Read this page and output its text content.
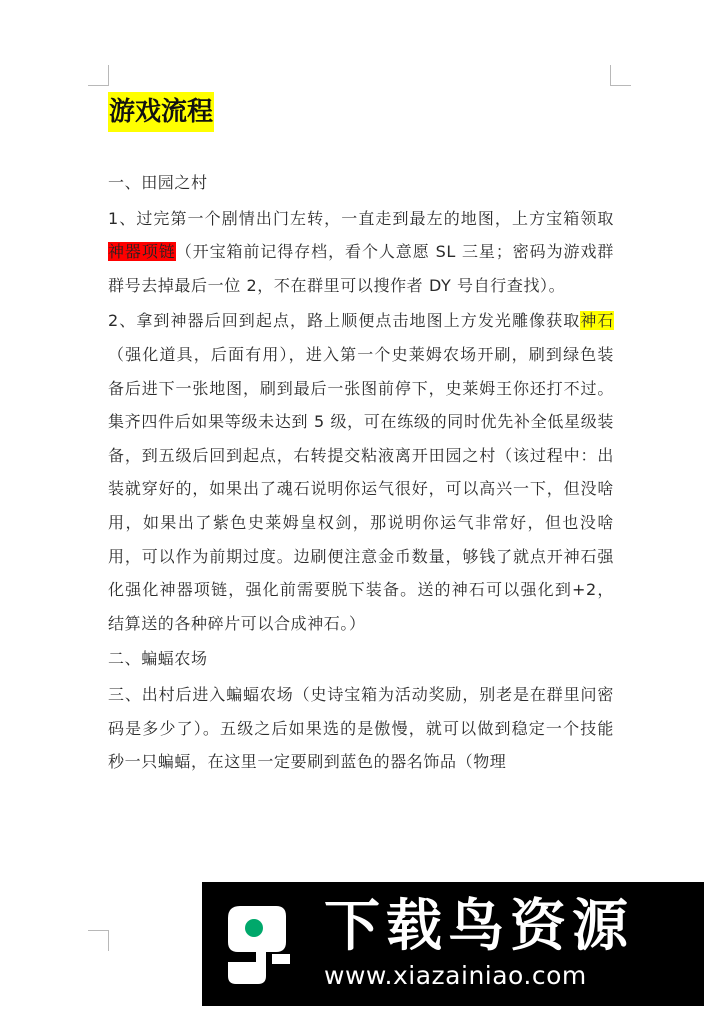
游戏流程

一、田园之村

1、过完第一个剧情出门左转，一直走到最左的地图，上方宝箱领取神器项链（开宝箱前记得存档，看个人意愿 SL 三星；密码为游戏群群号去掉最后一位 2，不在群里可以搜作者 DY 号自行查找）。

2、拿到神器后回到起点，路上顺便点击地图上方发光雕像获取神石（强化道具，后面有用），进入第一个史莱姆农场开刷，刷到绿色装备后进下一张地图，刷到最后一张图前停下，史莱姆王你还打不过。集齐四件后如果等级未达到 5 级，可在练级的同时优先补全低星级装备，到五级后回到起点，右转提交粘液离开田园之村（该过程中：出装就穿好的，如果出了魂石说明你运气很好，可以高兴一下，但没啥用，如果出了紫色史莱姆皇权剑，那说明你运气非常好，但也没啥用，可以作为前期过度。边刷便注意金币数量，够钱了就点开神石强化强化神器项链，强化前需要脱下装备。送的神石可以强化到+2，结算送的各种碎片可以合成神石。）

二、蝙蝠农场

三、出村后进入蝙蝠农场（史诗宝箱为活动奖励，别老是在群里问密码是多少了）。五级之后如果选的是傲慢，就可以做到稳定一个技能秒一只蝙蝠，在这里一定要刷到蓝色的器名饰品（物理

下载鸟资源
www.xiazainiao.com
